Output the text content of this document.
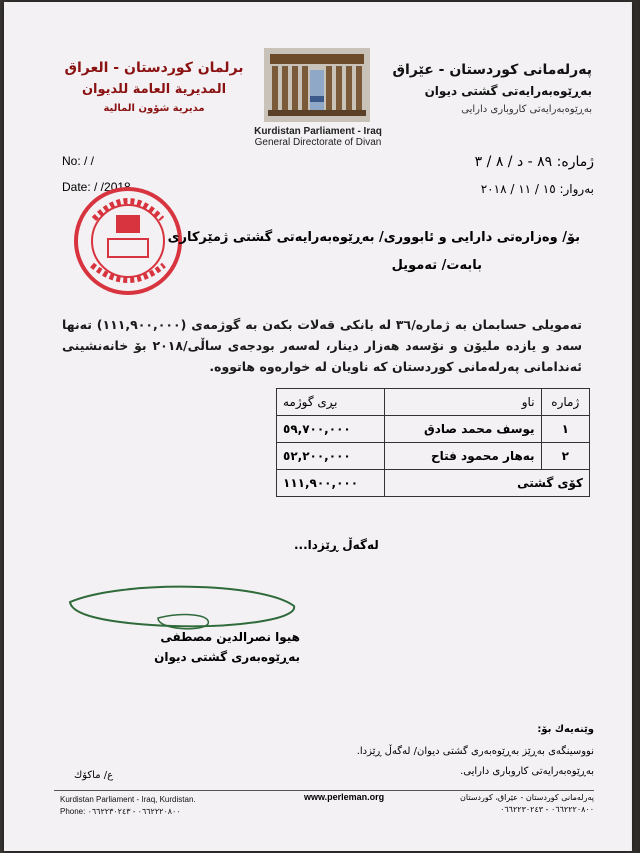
پەرلەمانی كوردستان - عێراق
بەڕێوەبەرایەتی گشتی دیوان
بەڕێوەبەرایەتی كاروباری دارایی
برلمان كوردستان - العراق
المديرية العامة للديوان
مديرية شؤون المالية
Kurdistan Parliament - Iraq
General Directorate of Divan
No: / /
Date: / /2018
ژمارە: ٨٩ - د / ٨ / ٣
بەروار: ١٥ / ١١ / ٢٠١٨
بۆ/ وەزارەتی دارایی و ئابووری/ بەڕێوەبەرایەتی گشتی ژمێرکاری
بابەت/ تەمویل
تەمویلی حسابمان بە ژمارە/٣٦ لە بانكی قەلات بكەن بە گوژمەی (١١١,٩٠٠,٠٠٠) تەنها سەد و یازدە ملیۆن و نۆسەد هەزار دینار، لەسەر بودجەی ساڵی/٢٠١٨ بۆ خانەنشینی ئەندامانی پەرلەمانی كوردستان كە ناویان لە خوارەوە هاتووە.
ژمارە	ناو	بڕی گوژمە
١	یوسف محمد صادق	٥٩,٧٠٠,٠٠٠
٢	بەهار محمود فتاح	٥٢,٢٠٠,٠٠٠
كۆی گشتی		١١١,٩٠٠,٠٠٠
لەگەڵ ڕێزدا...
هیوا نصرالدین مصطفی
بەڕێوەبەری گشتی دیوان
وێنەیەك بۆ:
نووسینگەی بەڕێز بەڕێوەبەری گشتی دیوان/ لەگەڵ ڕێزدا.
بەڕێوەبەرایەتی كاروباری دارایی.
ع/ ماكۆك
Kurdistan Parliament - Iraq, Kurdistan.
Phone: ٠٦٦٢٢٢٠٨٠٠ - ٠٦٦٢٢٣٠٢٤٣
www.perleman.org	پەرلەمانی كوردستان - عێراق، كوردستان
٠٦٦٢٢٢٠٨٠٠ - ٠٦٦٢٢٣٠٢٤٣
